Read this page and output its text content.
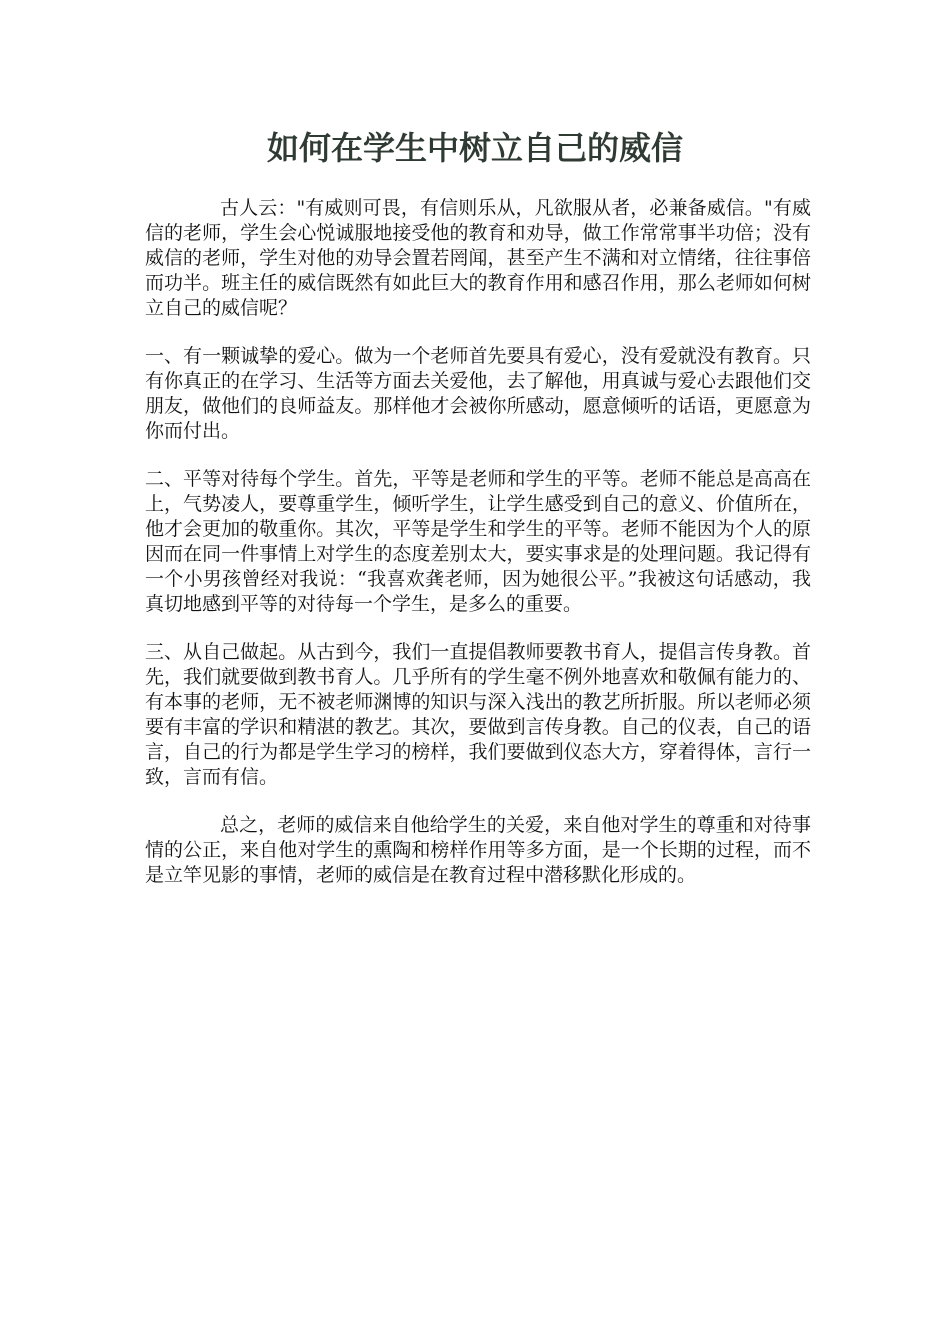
如何在学生中树立自己的威信

古人云："有威则可畏，有信则乐从，凡欲服从者，必兼备威信。"有威信的老师，学生会心悦诚服地接受他的教育和劝导，做工作常常事半功倍；没有威信的老师，学生对他的劝导会置若罔闻，甚至产生不满和对立情绪，往往事倍而功半。班主任的威信既然有如此巨大的教育作用和感召作用，那么老师如何树立自己的威信呢？

一、有一颗诚挚的爱心。做为一个老师首先要具有爱心，没有爱就没有教育。只有你真正的在学习、生活等方面去关爱他，去了解他，用真诚与爱心去跟他们交朋友，做他们的良师益友。那样他才会被你所感动，愿意倾听的话语，更愿意为你而付出。

二、平等对待每个学生。首先，平等是老师和学生的平等。老师不能总是高高在上，气势凌人，要尊重学生，倾听学生，让学生感受到自己的意义、价值所在，他才会更加的敬重你。其次，平等是学生和学生的平等。老师不能因为个人的原因而在同一件事情上对学生的态度差别太大，要实事求是的处理问题。我记得有一个小男孩曾经对我说：“我喜欢龚老师，因为她很公平。”我被这句话感动，我真切地感到平等的对待每一个学生，是多么的重要。

三、从自己做起。从古到今，我们一直提倡教师要教书育人，提倡言传身教。首先，我们就要做到教书育人。几乎所有的学生毫不例外地喜欢和敬佩有能力的、有本事的老师，无不被老师渊博的知识与深入浅出的教艺所折服。所以老师必须要有丰富的学识和精湛的教艺。其次，要做到言传身教。自己的仪表，自己的语言，自己的行为都是学生学习的榜样，我们要做到仪态大方，穿着得体，言行一致，言而有信。

总之，老师的威信来自他给学生的关爱，来自他对学生的尊重和对待事情的公正，来自他对学生的熏陶和榜样作用等多方面，是一个长期的过程，而不是立竿见影的事情，老师的威信是在教育过程中潜移默化形成的。
